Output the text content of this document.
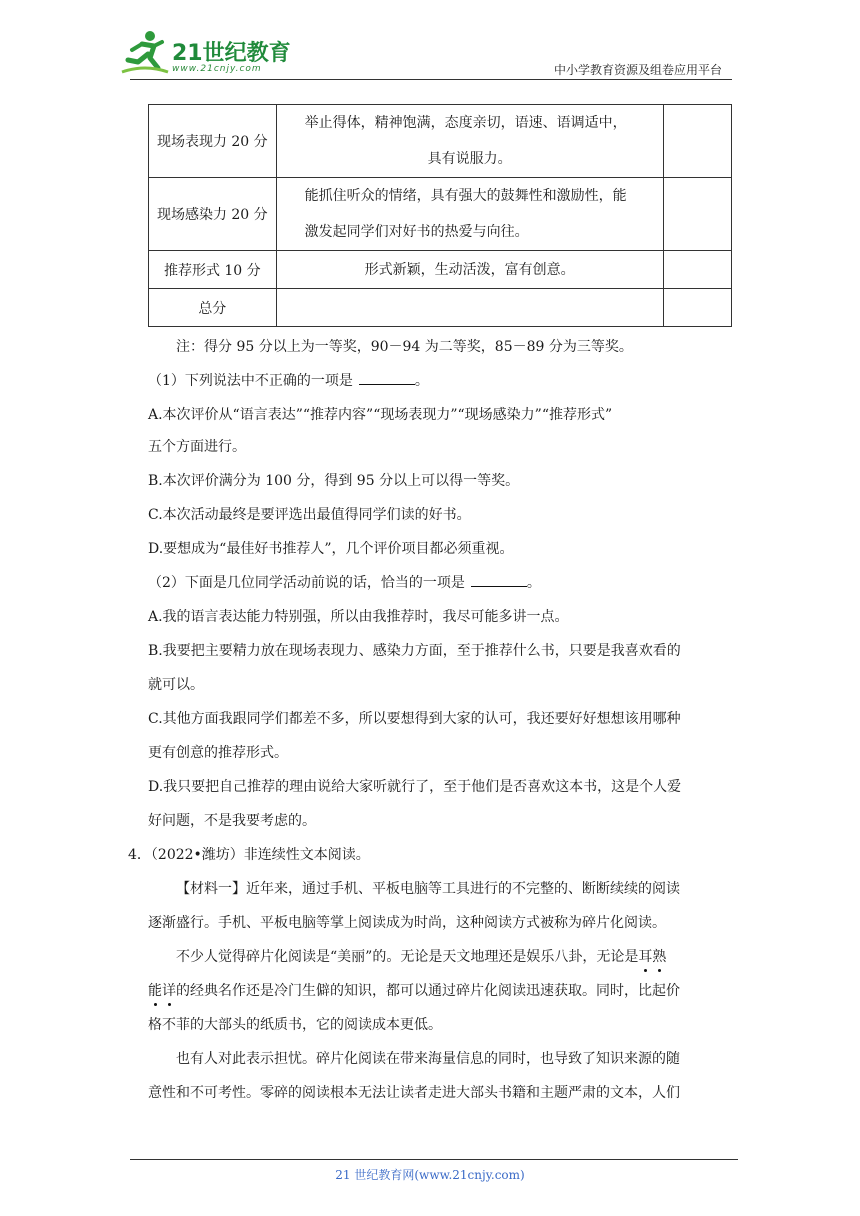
21世纪教育
www.21cnjy.com	中小学教育资源及组卷应用平台
现场表现力 20 分	举止得体，精神饱满，态度亲切，语速、语调适中，
具有说服力。	

现场感染力 20 分	能抓住听众的情绪，具有强大的鼓舞性和激励性，能
激发起同学们对好书的热爱与向往。	

推荐形式 10 分	形式新颖，生动活泼，富有创意。	
总分		
注：得分 95 分以上为一等奖，90－94 为二等奖，85－89 分为三等奖。
（1）下列说法中不正确的一项是	。
A.本次评价从“语言表达”“推荐内容”“现场表现力”“现场感染力”“推荐形式”
五个方面进行。
B.本次评价满分为 100 分，得到 95 分以上可以得一等奖。
C.本次活动最终是要评选出最值得同学们读的好书。
D.要想成为“最佳好书推荐人”，几个评价项目都必须重视。
（2）下面是几位同学活动前说的话，恰当的一项是	。
A.我的语言表达能力特别强，所以由我推荐时，我尽可能多讲一点。
B.我要把主要精力放在现场表现力、感染力方面，至于推荐什么书，只要是我喜欢看的
就可以。
C.其他方面我跟同学们都差不多，所以要想得到大家的认可，我还要好好想想该用哪种
更有创意的推荐形式。
D.我只要把自己推荐的理由说给大家听就行了，至于他们是否喜欢这本书，这是个人爱
好问题，不是我要考虑的。
4．（2022•潍坊）非连续性文本阅读。
【材料一】近年来，通过手机、平板电脑等工具进行的不完整的、断断续续的阅读
逐渐盛行。手机、平板电脑等掌上阅读成为时尚，这种阅读方式被称为碎片化阅读。
不少人觉得碎片化阅读是“美丽”的。无论是天文地理还是娱乐八卦，无论是耳
熟
能
详
的经典名作还是冷门生僻的知识，都可以通过碎片化阅读迅速获取。同时，比起价
格不菲的大部头的纸质书，它的阅读成本更低。
也有人对此表示担忧。碎片化阅读在带来海量信息的同时，也导致了知识来源的随
意性和不可考性。零碎的阅读根本无法让读者走进大部头书籍和主题严肃的文本，人们
21 世纪教育网(www.21cnjy.com)
